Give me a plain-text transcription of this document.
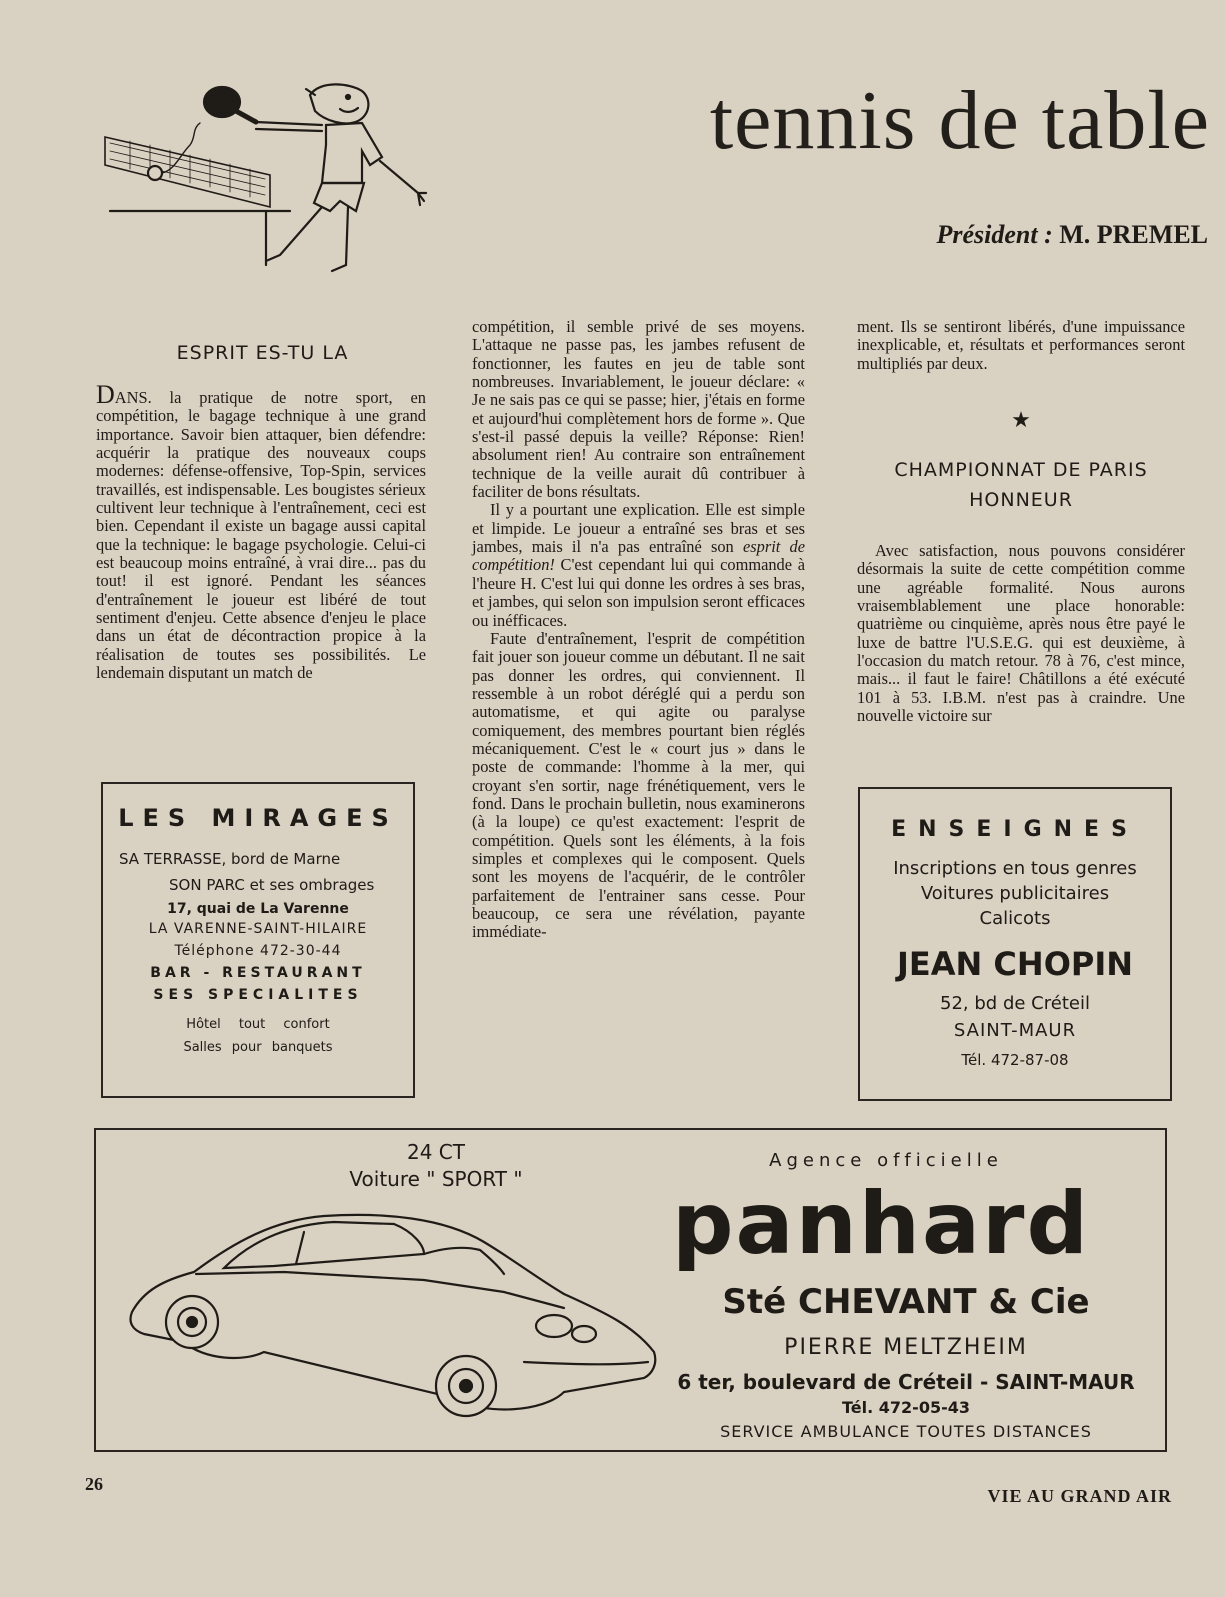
tennis de table
Président : M. PREMEL
ESPRIT ES-TU LA

DANS. la pratique de notre sport, en compétition, le bagage technique à une grand importance. Savoir bien attaquer, bien défendre: acquérir la pratique des nouveaux coups modernes: défense-offensive, Top-Spin, services travaillés, est indispensable. Les bougistes sérieux cultivent leur technique à l'entraînement, ceci est bien. Cependant il existe un bagage aussi capital que la technique: le bagage psychologie. Celui-ci est beaucoup moins entraîné, à vrai dire... pas du tout! il est ignoré. Pendant les séances d'entraînement le joueur est libéré de tout sentiment d'enjeu. Cette absence d'enjeu le place dans un état de décontraction propice à la réalisation de toutes ses possibilités. Le lendemain disputant un match de

compétition, il semble privé de ses moyens. L'attaque ne passe pas, les jambes refusent de fonctionner, les fautes en jeu de table sont nombreuses. Invariablement, le joueur déclare: « Je ne sais pas ce qui se passe; hier, j'étais en forme et aujourd'hui complètement hors de forme ». Que s'est-il passé depuis la veille? Réponse: Rien! absolument rien! Au contraire son entraînement technique de la veille aurait dû contribuer à faciliter de bons résultats.

Il y a pourtant une explication. Elle est simple et limpide. Le joueur a entraîné ses bras et ses jambes, mais il n'a pas entraîné son esprit de compétition! C'est cependant lui qui commande à l'heure H. C'est lui qui donne les ordres à ses bras, et jambes, qui selon son impulsion seront efficaces ou inéfficaces.

Faute d'entraînement, l'esprit de compétition fait jouer son joueur comme un débutant. Il ne sait pas donner les ordres, qui conviennent. Il ressemble à un robot déréglé qui a perdu son automatisme, et qui agite ou paralyse comiquement, des membres pourtant bien réglés mécaniquement. C'est le « court jus » dans le poste de commande: l'homme à la mer, qui croyant s'en sortir, nage frénétiquement, vers le fond. Dans le prochain bulletin, nous examinerons (à la loupe) ce qu'est exactement: l'esprit de compétition. Quels sont les éléments, à la fois simples et complexes qui le composent. Quels sont les moyens de l'acquérir, de le contrôler parfaitement de l'entrainer sans cesse. Pour beaucoup, ce sera une révélation, payante immédiate-

ment. Ils se sentiront libérés, d'une impuissance inexplicable, et, résultats et performances seront multipliés par deux.

★
CHAMPIONNAT DE PARIS
HONNEUR

Avec satisfaction, nous pouvons considérer désormais la suite de cette compétition comme une agréable formalité. Nous aurons vraisemblablement une place honorable: quatrième ou cinquième, après nous être payé le luxe de battre l'U.S.E.G. qui est deuxième, à l'occasion du match retour. 78 à 76, c'est mince, mais... il faut le faire! Châtillons a été exécuté 101 à 53. I.B.M. n'est pas à craindre. Une nouvelle victoire sur

LES MIRAGES
SA TERRASSE, bord de Marne
SON PARC et ses ombrages
17, quai de La Varenne
LA VARENNE-SAINT-HILAIRE
Téléphone 472-30-44
BAR - RESTAURANT
SES SPECIALITES
Hôtel tout confort
Salles pour banquets
ENSEIGNES
Inscriptions en tous genres
Voitures publicitaires
Calicots
JEAN CHOPIN
52, bd de Créteil
SAINT-MAUR
Tél. 472-87-08
24 CT
Voiture " SPORT "
Agence officielle
panhard
Sté CHEVANT & Cie
PIERRE MELTZHEIM
6 ter, boulevard de Créteil - SAINT-MAUR
Tél. 472-05-43
SERVICE AMBULANCE TOUTES DISTANCES
26
VIE AU GRAND AIR
